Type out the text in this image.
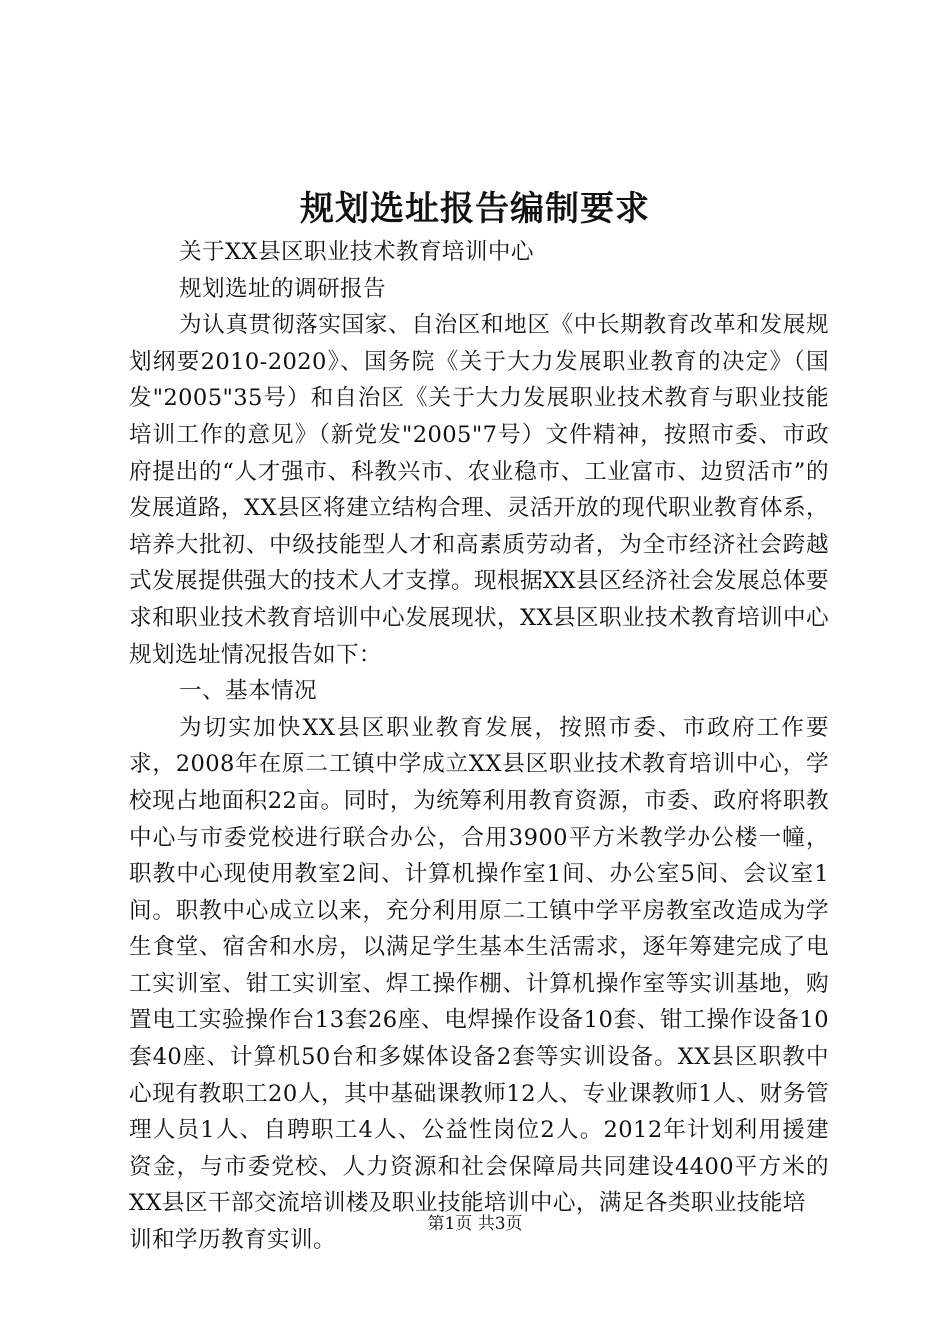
规划选址报告编制要求

关于XX县区职业技术教育培训中心

规划选址的调研报告

为认真贯彻落实国家、自治区和地区《中长期教育改革和发展规划纲要2010-2020》、国务院《关于大力发展职业教育的决定》（国发"2005"35号）和自治区《关于大力发展职业技术教育与职业技能培训工作的意见》（新党发"2005"7号）文件精神，按照市委、市政府提出的“人才强市、科教兴市、农业稳市、工业富市、边贸活市”的发展道路，XX县区将建立结构合理、灵活开放的现代职业教育体系，培养大批初、中级技能型人才和高素质劳动者，为全市经济社会跨越式发展提供强大的技术人才支撑。现根据XX县区经济社会发展总体要求和职业技术教育培训中心发展现状，XX县区职业技术教育培训中心规划选址情况报告如下：

一、基本情况

为切实加快XX县区职业教育发展，按照市委、市政府工作要求，2008年在原二工镇中学成立XX县区职业技术教育培训中心，学校现占地面积22亩。同时，为统筹利用教育资源，市委、政府将职教中心与市委党校进行联合办公，合用3900平方米教学办公楼一幢，职教中心现使用教室2间、计算机操作室1间、办公室5间、会议室1间。职教中心成立以来，充分利用原二工镇中学平房教室改造成为学生食堂、宿舍和水房，以满足学生基本生活需求，逐年筹建完成了电工实训室、钳工实训室、焊工操作棚、计算机操作室等实训基地，购置电工实验操作台13套26座、电焊操作设备10套、钳工操作设备10套40座、计算机50台和多媒体设备2套等实训设备。XX县区职教中心现有教职工20人，其中基础课教师12人、专业课教师1人、财务管理人员1人、自聘职工4人、公益性岗位2人。2012年计划利用援建资金，与市委党校、人力资源和社会保障局共同建设4400平方米的XX县区干部交流培训楼及职业技能培训中心，满足各类职业技能培

训和学历教育实训。

第1页 共3页
